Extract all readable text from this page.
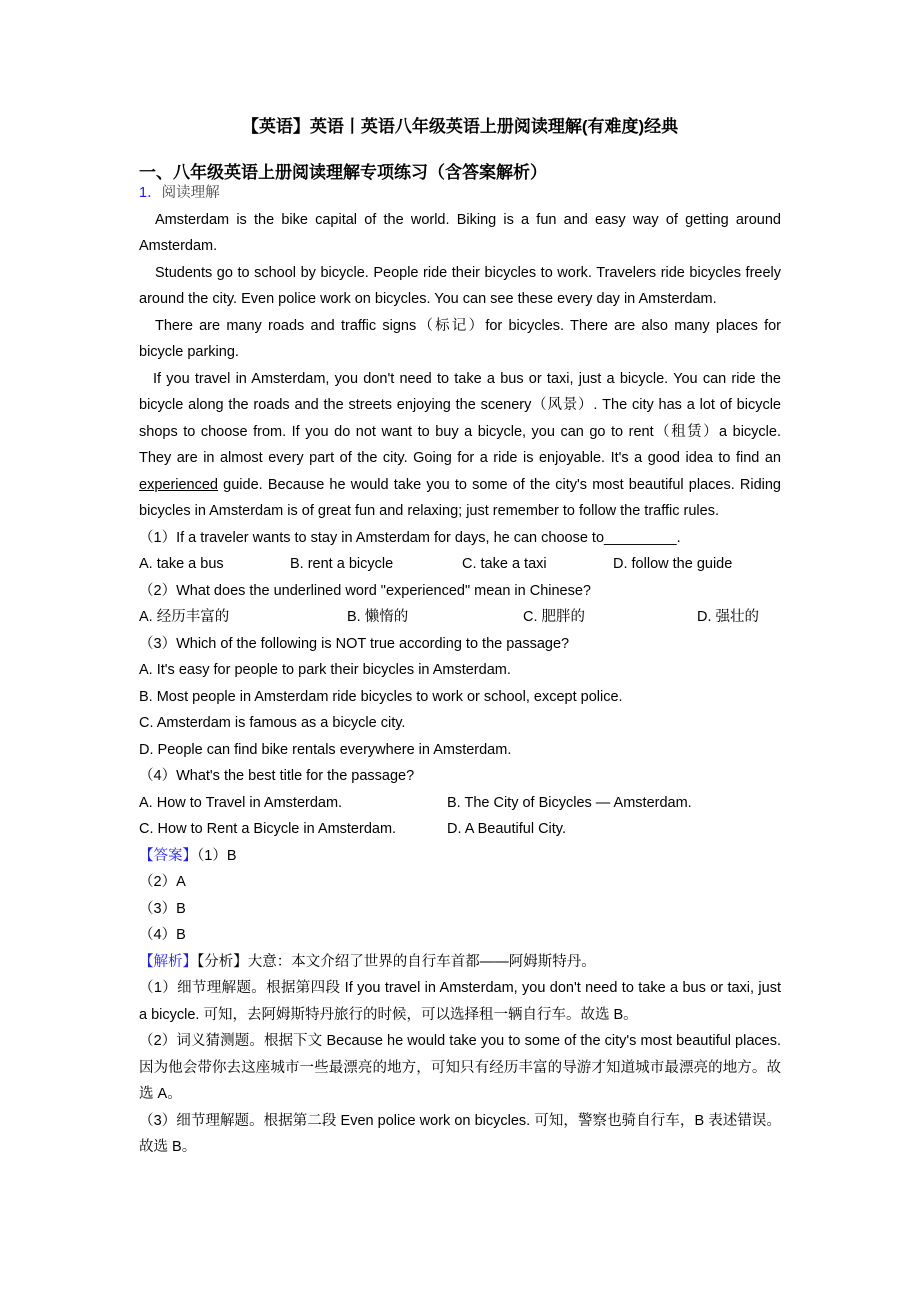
【英语】英语丨英语八年级英语上册阅读理解(有难度)经典
一、八年级英语上册阅读理解专项练习（含答案解析）

1．阅读理解

Amsterdam is the bike capital of the world. Biking is a fun and easy way of getting around Amsterdam.

Students go to school by bicycle. People ride their bicycles to work. Travelers ride bicycles freely around the city. Even police work on bicycles. You can see these every day in Amsterdam.

There are many roads and traffic signs（标记）for bicycles. There are also many places for bicycle parking.

If you travel in Amsterdam, you don't need to take a bus or taxi, just a bicycle. You can ride the bicycle along the roads and the streets enjoying the scenery（风景）. The city has a lot of bicycle shops to choose from. If you do not want to buy a bicycle, you can go to rent（租赁）a bicycle. They are in almost every part of the city. Going for a ride is enjoyable. It's a good idea to find an experienced guide. Because he would take you to some of the city's most beautiful places. Riding bicycles in Amsterdam is of great fun and relaxing; just remember to follow the traffic rules.

（1）If a traveler wants to stay in Amsterdam for days, he can choose to_________.

A. take a bus	B. rent a bicycle	C. take a taxi	D. follow the guide

（2）What does the underlined word "experienced" mean in Chinese?

A. 经历丰富的	B. 懒惰的	C. 肥胖的	D. 强壮的

（3）Which of the following is NOT true according to the passage?

A. It's easy for people to park their bicycles in Amsterdam.

B. Most people in Amsterdam ride bicycles to work or school, except police.

C. Amsterdam is famous as a bicycle city.

D. People can find bike rentals everywhere in Amsterdam.

（4）What's the best title for the passage?

A. How to Travel in Amsterdam.	B. The City of Bicycles — Amsterdam.
C. How to Rent a Bicycle in Amsterdam.	D. A Beautiful City.

【答案】（1）B

（2）A

（3）B

（4）B

【解析】【分析】大意：本文介绍了世界的自行车首都——阿姆斯特丹。

（1）细节理解题。根据第四段 If you travel in Amsterdam, you don't need to take a bus or taxi, just a bicycle. 可知，去阿姆斯特丹旅行的时候，可以选择租一辆自行车。故选 B。

（2）词义猜测题。根据下文 Because he would take you to some of the city's most beautiful places. 因为他会带你去这座城市一些最漂亮的地方，可知只有经历丰富的导游才知道城市最漂亮的地方。故选 A。

（3）细节理解题。根据第二段 Even police work on bicycles. 可知，警察也骑自行车，B 表述错误。故选 B。
